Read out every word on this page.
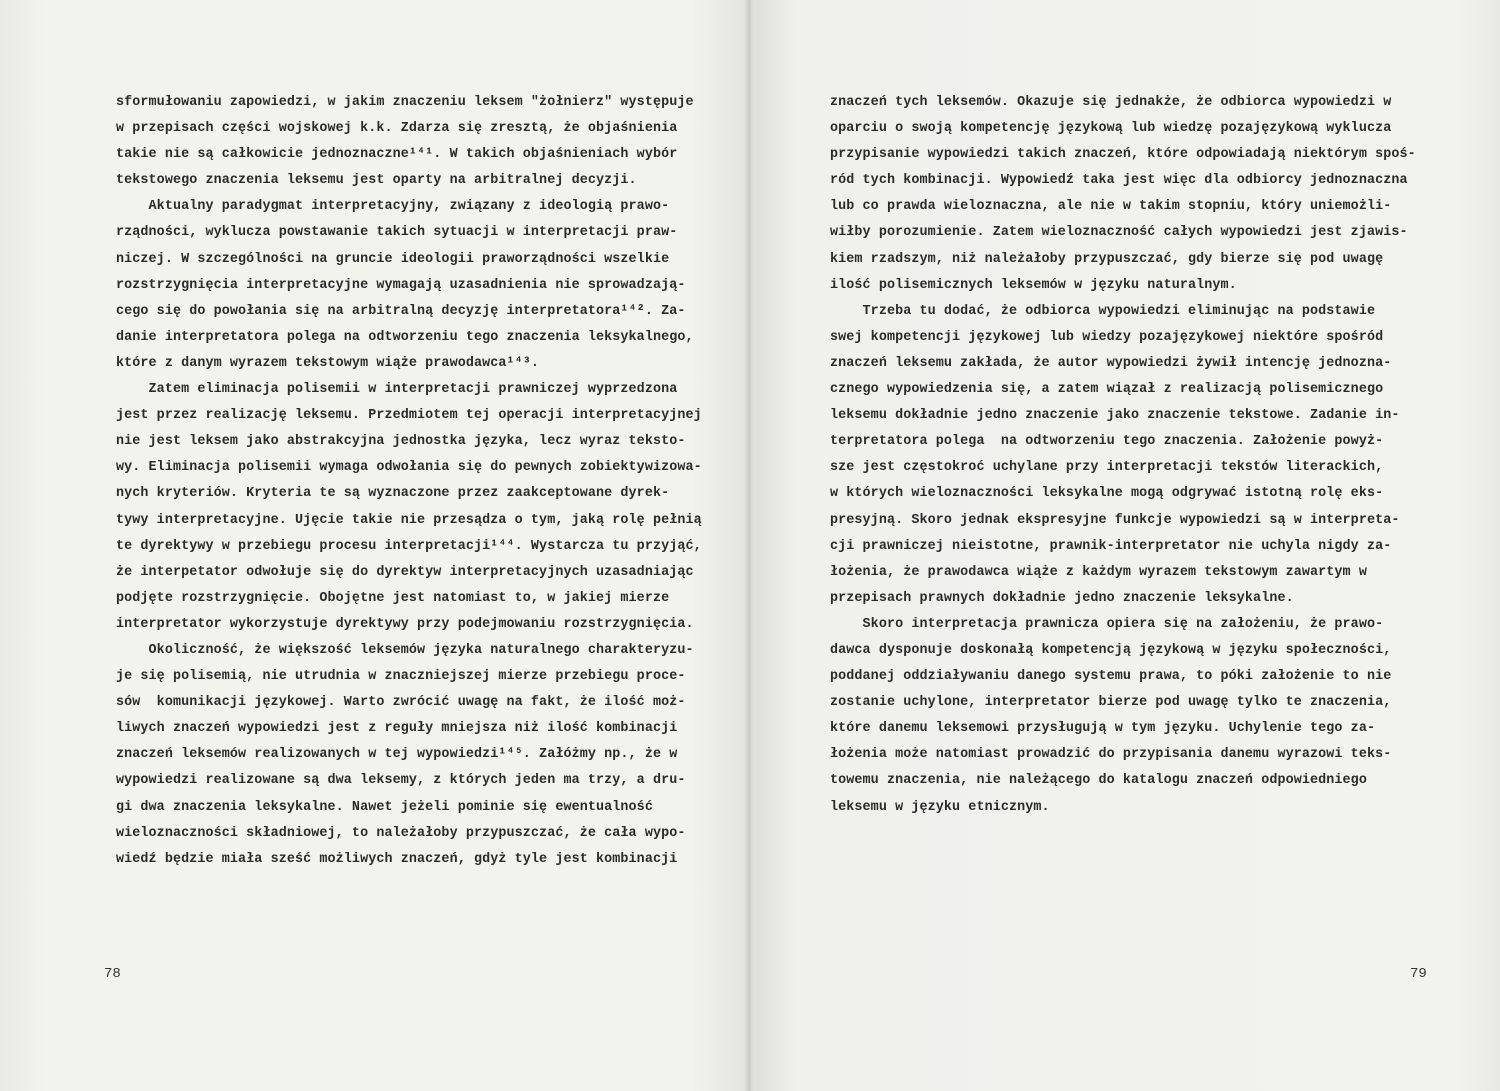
sformułowaniu zapowiedzi, w jakim znaczeniu leksem "żołnierz" występuje
w przepisach części wojskowej k.k. Zdarza się zresztą, że objaśnienia
takie nie są całkowicie jednoznaczne¹⁴¹. W takich objaśnieniach wybór
tekstowego znaczenia leksemu jest oparty na arbitralnej decyzji.
Aktualny paradygmat interpretacyjny, związany z ideologią prawo-
rządności, wyklucza powstawanie takich sytuacji w interpretacji praw-
niczej. W szczególności na gruncie ideologii praworządności wszelkie
rozstrzygnięcia interpretacyjne wymagają uzasadnienia nie sprowadzają-
cego się do powołania się na arbitralną decyzję interpretatora¹⁴². Za-
danie interpretatora polega na odtworzeniu tego znaczenia leksykalnego,
które z danym wyrazem tekstowym wiąże prawodawca¹⁴³.
Zatem eliminacja polisemii w interpretacji prawniczej wyprzedzona
jest przez realizację leksemu. Przedmiotem tej operacji interpretacyjnej
nie jest leksem jako abstrakcyjna jednostka języka, lecz wyraz teksto-
wy. Eliminacja polisemii wymaga odwołania się do pewnych zobiektywizowa-
nych kryteriów. Kryteria te są wyznaczone przez zaakceptowane dyrek-
tywy interpretacyjne. Ujęcie takie nie przesądza o tym, jaką rolę pełnią
te dyrektywy w przebiegu procesu interpretacji¹⁴⁴. Wystarcza tu przyjąć,
że interpetator odwołuje się do dyrektyw interpretacyjnych uzasadniając
podjęte rozstrzygnięcie. Obojętne jest natomiast to, w jakiej mierze
interpretator wykorzystuje dyrektywy przy podejmowaniu rozstrzygnięcia.
Okoliczność, że większość leksemów języka naturalnego charakteryzu-
je się polisemią, nie utrudnia w znaczniejszej mierze przebiegu proce-
sów  komunikacji językowej. Warto zwrócić uwagę na fakt, że ilość moż-
liwych znaczeń wypowiedzi jest z reguły mniejsza niż ilość kombinacji
znaczeń leksemów realizowanych w tej wypowiedzi¹⁴⁵. Załóżmy np., że w
wypowiedzi realizowane są dwa leksemy, z których jeden ma trzy, a dru-
gi dwa znaczenia leksykalne. Nawet jeżeli pominie się ewentualność
wieloznaczności składniowej, to należałoby przypuszczać, że cała wypo-
wiedź będzie miała sześć możliwych znaczeń, gdyż tyle jest kombinacji
78
znaczeń tych leksemów. Okazuje się jednakże, że odbiorca wypowiedzi w
oparciu o swoją kompetencję językową lub wiedzę pozajęzykową wyklucza
przypisanie wypowiedzi takich znaczeń, które odpowiadają niektórym spoś-
ród tych kombinacji. Wypowiedź taka jest więc dla odbiorcy jednoznaczna
lub co prawda wieloznaczna, ale nie w takim stopniu, który uniemożli-
wiłby porozumienie. Zatem wieloznaczność całych wypowiedzi jest zjawis-
kiem rzadszym, niż należałoby przypuszczać, gdy bierze się pod uwagę
ilość polisemicznych leksemów w języku naturalnym.
Trzeba tu dodać, że odbiorca wypowiedzi eliminując na podstawie
swej kompetencji językowej lub wiedzy pozajęzykowej niektóre spośród
znaczeń leksemu zakłada, że autor wypowiedzi żywił intencję jednozna-
cznego wypowiedzenia się, a zatem wiązał z realizacją polisemicznego
leksemu dokładnie jedno znaczenie jako znaczenie tekstowe. Zadanie in-
terpretatora polega  na odtworzeniu tego znaczenia. Założenie powyż-
sze jest częstokroć uchylane przy interpretacji tekstów literackich,
w których wieloznaczności leksykalne mogą odgrywać istotną rolę eks-
presyjną. Skoro jednak ekspresyjne funkcje wypowiedzi są w interpreta-
cji prawniczej nieistotne, prawnik-interpretator nie uchyla nigdy za-
łożenia, że prawodawca wiąże z każdym wyrazem tekstowym zawartym w
przepisach prawnych dokładnie jedno znaczenie leksykalne.
Skoro interpretacja prawnicza opiera się na założeniu, że prawo-
dawca dysponuje doskonałą kompetencją językową w języku społeczności,
poddanej oddziaływaniu danego systemu prawa, to póki założenie to nie
zostanie uchylone, interpretator bierze pod uwagę tylko te znaczenia,
które danemu leksemowi przysługują w tym języku. Uchylenie tego za-
łożenia może natomiast prowadzić do przypisania danemu wyrazowi teks-
towemu znaczenia, nie należącego do katalogu znaczeń odpowiedniego
leksemu w języku etnicznym.
79
